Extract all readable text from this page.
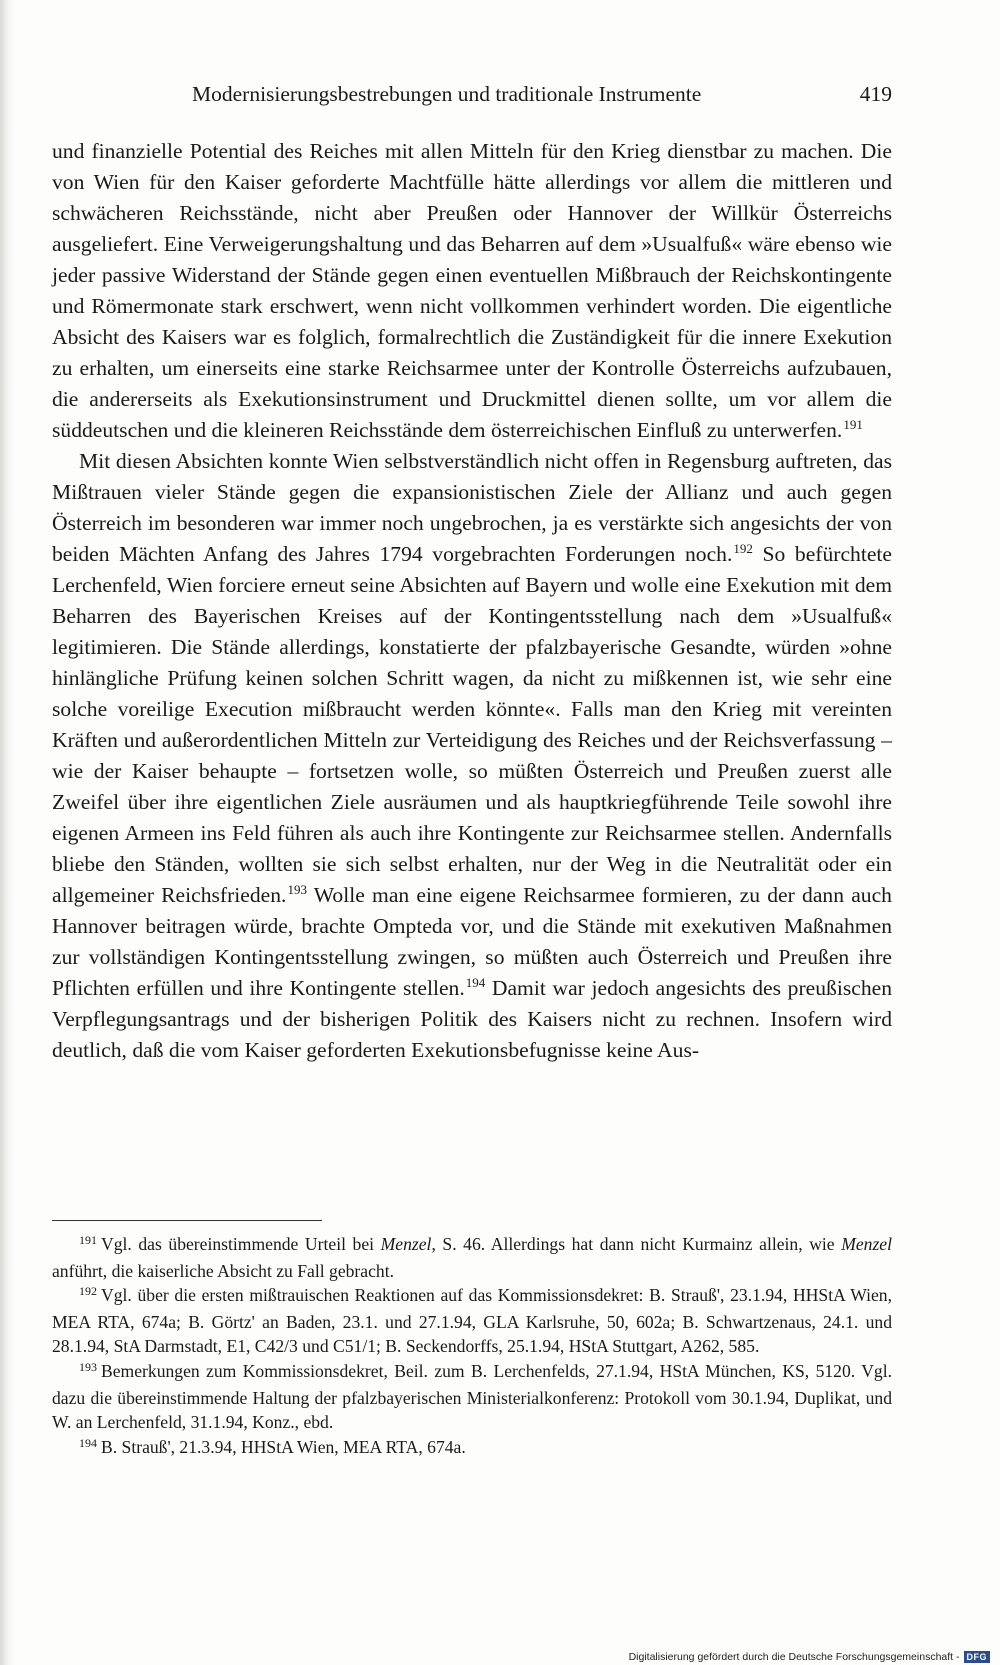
Modernisierungsbestrebungen und traditionale Instrumente	419

und finanzielle Potential des Reiches mit allen Mitteln für den Krieg dienstbar zu machen. Die von Wien für den Kaiser geforderte Machtfülle hätte allerdings vor allem die mittleren und schwächeren Reichsstände, nicht aber Preußen oder Hannover der Willkür Österreichs ausgeliefert. Eine Verweigerungshaltung und das Beharren auf dem »Usualfuß« wäre ebenso wie jeder passive Widerstand der Stände gegen einen eventuellen Mißbrauch der Reichskontingente und Römermonate stark erschwert, wenn nicht vollkommen verhindert worden. Die eigentliche Absicht des Kaisers war es folglich, formalrechtlich die Zuständigkeit für die innere Exekution zu erhalten, um einerseits eine starke Reichsarmee unter der Kontrolle Österreichs aufzubauen, die andererseits als Exekutionsinstrument und Druckmittel dienen sollte, um vor allem die süddeutschen und die kleineren Reichsstände dem österreichischen Einfluß zu unterwerfen.$^{191}$

Mit diesen Absichten konnte Wien selbstverständlich nicht offen in Regensburg auftreten, das Mißtrauen vieler Stände gegen die expansionistischen Ziele der Allianz und auch gegen Österreich im besonderen war immer noch ungebrochen, ja es verstärkte sich angesichts der von beiden Mächten Anfang des Jahres 1794 vorgebrachten Forderungen noch.$^{192}$ So befürchtete Lerchenfeld, Wien forciere erneut seine Absichten auf Bayern und wolle eine Exekution mit dem Beharren des Bayerischen Kreises auf der Kontingentsstellung nach dem »Usualfuß« legitimieren. Die Stände allerdings, konstatierte der pfalzbayerische Gesandte, würden »ohne hinlängliche Prüfung keinen solchen Schritt wagen, da nicht zu mißkennen ist, wie sehr eine solche voreilige Execution mißbraucht werden könnte«. Falls man den Krieg mit vereinten Kräften und außerordentlichen Mitteln zur Verteidigung des Reiches und der Reichsverfassung – wie der Kaiser behaupte – fortsetzen wolle, so müßten Österreich und Preußen zuerst alle Zweifel über ihre eigentlichen Ziele ausräumen und als hauptkriegführende Teile sowohl ihre eigenen Armeen ins Feld führen als auch ihre Kontingente zur Reichsarmee stellen. Andernfalls bliebe den Ständen, wollten sie sich selbst erhalten, nur der Weg in die Neutralität oder ein allgemeiner Reichsfrieden.$^{193}$ Wolle man eine eigene Reichsarmee formieren, zu der dann auch Hannover beitragen würde, brachte Ompteda vor, und die Stände mit exekutiven Maßnahmen zur vollständigen Kontingentsstellung zwingen, so müßten auch Österreich und Preußen ihre Pflichten erfüllen und ihre Kontingente stellen.$^{194}$ Damit war jedoch angesichts des preußischen Verpflegungsantrags und der bisherigen Politik des Kaisers nicht zu rechnen. Insofern wird deutlich, daß die vom Kaiser geforderten Exekutionsbefugnisse keine Aus-

$^{191}$ Vgl. das übereinstimmende Urteil bei Menzel, S. 46. Allerdings hat dann nicht Kurmainz allein, wie Menzel anführt, die kaiserliche Absicht zu Fall gebracht.

$^{192}$ Vgl. über die ersten mißtrauischen Reaktionen auf das Kommissionsdekret: B. Strauß', 23.1.94, HHStA Wien, MEA RTA, 674a; B. Görtz' an Baden, 23.1. und 27.1.94, GLA Karlsruhe, 50, 602a; B. Schwartzenaus, 24.1. und 28.1.94, StA Darmstadt, E1, C42/3 und C51/1; B. Seckendorffs, 25.1.94, HStA Stuttgart, A262, 585.

$^{193}$ Bemerkungen zum Kommissionsdekret, Beil. zum B. Lerchenfelds, 27.1.94, HStA München, KS, 5120. Vgl. dazu die übereinstimmende Haltung der pfalzbayerischen Ministerialkonferenz: Protokoll vom 30.1.94, Duplikat, und W. an Lerchenfeld, 31.1.94, Konz., ebd.

$^{194}$ B. Strauß', 21.3.94, HHStA Wien, MEA RTA, 674a.

Digitalisierung gefördert durch die Deutsche Forschungsgemeinschaft - DFG
